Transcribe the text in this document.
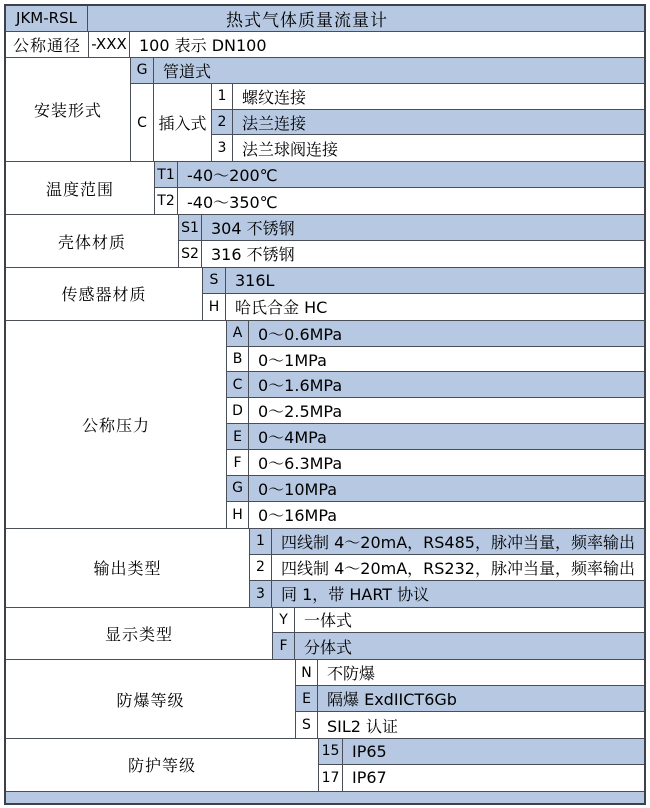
JKM-RSL	热式气体质量流量计
公称通径 -XXX 100 表示 DN100
安装形式
G 管道式
C 插入式
1 螺纹连接
2 法兰连接
3 法兰球阀连接
温度范围
T1 -40～200℃
T2 -40～350℃
壳体材质
S1 304 不锈钢
S2 316 不锈钢
传感器材质
S	316L
H 哈氏合金 HC
公称压力
A 0～0.6MPa
B 0～1MPa
C 0～1.6MPa
D 0～2.5MPa
E	0～4MPa
F	0～6.3MPa
G 0～10MPa
H 0～16MPa
输出类型
1	四线制 4～20mA，RS485，脉冲当量，频率输出
2	四线制 4～20mA，RS232，脉冲当量，频率输出
3	同 1，带 HART 协议
显示类型
Y	一体式
F	分体式
防爆等级
N 不防爆
E	隔爆 ExdIICT6Gb
S	SIL2 认证
防护等级
15 IP65
17 IP67
